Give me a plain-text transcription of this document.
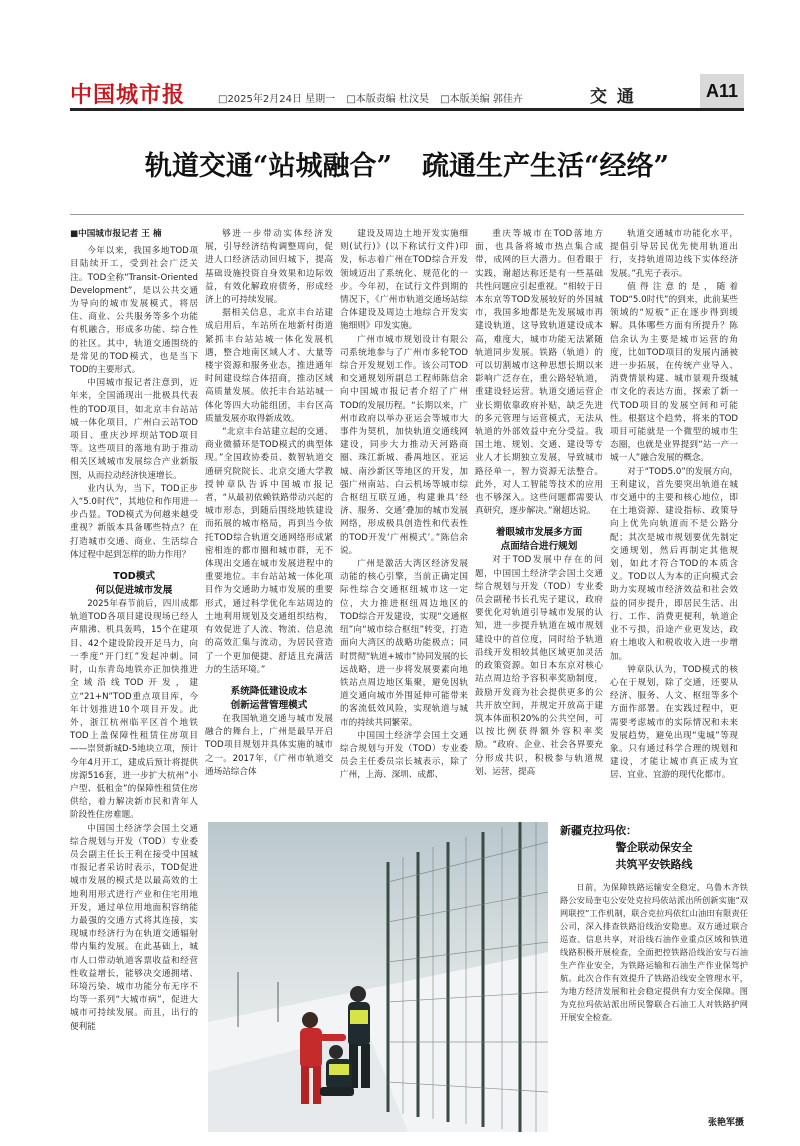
中国城市报	□2025年2月24日 星期一 □本版责编 杜汶昊 □本版美编 郭佳卉	交 通	A11
轨道交通“站城融合” 疏通生产生活“经络”

■中国城市报记者 王 楠

今年以来，我国多地TOD项目陆续开工，受到社会广泛关注。TOD全称“Transit-Oriented Development”，是以公共交通为导向的城市发展模式，将居住、商业、公共服务等多个功能有机融合，形成多功能、综合性的社区。其中，轨道交通围绕的是常见的TOD模式，也是当下TOD的主要形式。

中国城市报记者注意到，近年来，全国涌现出一批极具代表性的TOD项目，如北京丰台站站城一体化项目，广州白云站TOD项目、重庆沙坪坝站TOD项目等。这些项目的落地有助于推动相关区域城市发展综合产业新版图，从而拉动经济快速增长。

业内认为，当下，TOD正步入“5.0时代”，其地位和作用进一步凸显。TOD模式为何越来越受重视？新版本具备哪些特点？在打造城市交通、商业、生活综合体过程中起到怎样的助力作用？

TOD模式
何以促进城市发展

2025年春节前后，四川成都轨道TOD各项目建设现场已经人声鼎沸、机具轰鸣，15个在建项目、42个建设阶段开足马力，向一季度“开门红”发起冲刺。同时，山东青岛地铁亦正加快推进全域沿线TOD开发，建立“21+N”TOD重点项目库，今年计划推进10个项目开发。此外，浙江杭州临平区首个地铁TOD上盖保障性租赁住房项目——崇贤新城D-5地块立项，预计今年4月开工，建成后预计将提供房源516套，进一步扩大杭州“小户型、低租金”的保障性租赁住房供给，着力解决新市民和青年人阶段性住房难题。

中国国土经济学会国土交通综合规划与开发（TOD）专业委员会副主任长王利在接受中国城市报记者采访时表示，TOD促进城市发展的模式是以最高效的土地利用形式进行产业和住宅用地开发，通过单位用地面积容纳能力最强的交通方式将其连接，实现城市经济行为在轨道交通辐射带内集约发展。在此基础上，城市人口带动轨道客票收益和经营性收益增长，能够决交通拥堵、环境污染、城市功能分布无序不均等一系列“大城市病”，促进大城市可持续发展。而且，出行的便利能

够进一步带动实体经济发展，引导经济结构调整周向，促进人口经济活动回归城下，提高基础设施投资自身效果和边际效益，有效化解政府债务，形成经济上的可持续发展。

据相关信息，北京丰台站建成启用后，车站所在地新村街道紧抓丰台站站城一体化发展机遇，整合地南区域人才、大量等楼宇资源和服务业态，推进通年时间建设综合体招商，推动区域高质量发展。依托丰台站站城一体化等四大功能组团，丰台区高质量发展亦取得新成效。

“北京丰台站建立起的交通、商业微循环是TOD模式的典型体现。”全国政协委员、数智轨道交通研究院院长、北京交通大学教授钟章队告诉中国城市报记者，“从最初依赖铁路带动兴起的城市形态，到随后围绕地铁建设而拓展的城市格局，再到当今依托TOD综合轨道交通网络形成紧密相连的都市圈和城市群，无不体现出交通在城市发展进程中的重要地位。丰台站站城一体化项目作为交通助力城市发展的重要形式，通过科学优化车站周边的土地利用规划及交通组织结构，有效促进了人流、物流、信息流的高效汇集与流动，为居民营造了一个更加便捷、舒适且充满活力的生活环境。”

系统降低建设成本
创新运营管理模式

在我国轨道交通与城市发展融合的舞台上，广州是最早开启TOD项目规划并具体实施的城市之一。2017年，《广州市轨道交通场站综合体

建设及周边土地开发实施细则(试行)》(以下称试行文件)印发，标志着广州在TOD综合开发领域迈出了系统化、规范化的一步。今年初，在试行文件到期的情况下，《广州市轨道交通场站综合体建设及周边土地综合开发实施细则》印发实施。

广州市城市规划设计有限公司系统地参与了广州市多轮TOD综合开发规划工作。该公司TOD和交通规划所副总工程师陈信余向中国城市报记者介绍了广州TOD的发展历程。“长期以来，广州市政府以举办亚运会等城市大事件为契机，加快轨道交通线网建设，同步大力推动天河路商圈、珠江新城、番禺地区、亚运城、南沙新区等地区的开发，加强广州南站、白云机场等城市综合枢纽互联互通，构建兼具‘经济、服务、交通’叠加的城市发展网络，形成极具创造性和代表性的TOD开发‘广州模式’。”陈信余说。

广州是激活大湾区经济发展动能的核心引擎，当前正确定国际性综合交通枢纽城市这一定位，大力推进枢纽周边地区的TOD综合开发建设，实现“交通枢纽”向“城市综合枢纽”转变，打造面向大湾区的战略功能极点；同时贯彻“轨道+城市”协同发展的长远战略，进一步将发展要素向地铁站点周边地区集聚，避免因轨道交通向城市外围延伸可能带来的客流低效风险，实现轨道与城市的持续共同繁荣。

中国国土经济学会国土交通综合规划与开发（TOD）专业委员会主任委员宗长城表示，除了广州，上海、深圳、成都、

重庆等城市在TOD落地方面，也具备将城市热点集合成带，成网的巨大潜力。但看眼于实践，谢超达称还是有一些基础共性问题应引起重视。“相较于日本东京等TOD发展较好的外国城市，我国多地都是先发展城市再建设轨道，这导致轨道建设成本高，难度大，城市功能无法紧随轨道同步发展。铁路（轨道）的可以切割城市这种思想长期以来影响广泛存在，重公路轻轨道，重建设轻运营。轨道交通运营企业长期依靠政府补贴，缺乏先进的多元管理与运营模式，无法从轨道的外部效益中充分受益。我国土地、规划、交通、建设等专业人才长期独立发展，导致城市路径单一，智力资源无法整合。此外，对人工智能等技术的应用也不够深入。这些问题都需要认真研究，逐步解决。”谢超达说。

着眼城市发展多方面
点面结合进行规划

对于TOD发展中存在的问题，中国国土经济学会国土交通综合规划与开发（TOD）专业委员会副秘书长孔宪子建议，政府要优化对轨道引导城市发展的认知，进一步提升轨道在城市规划建设中的首位度，同时给予轨道沿线开发相较其他区域更加灵活的政策资源。如日本东京对核心站点周边给予容积率奖励制度，鼓励开发商为社会提供更多的公共开放空间，并规定开放高于建筑本体面积20%的公共空间，可以按比例获得额外容积率奖励。“政府、企业、社会各界要充分形成共识，积极参与轨道规划、运营，提高

轨道交通城市功能化水平，提倡引导居民优先使用轨道出行，支持轨道周边线下实体经济发展。”孔宪子表示。

值得注意的是，随着TOD“5.0时代”的到来，此前某些领域的“短板”正在逐步得到缓解。具体哪些方面有所提升？陈信余认为主要是城市运营的角度，比如TOD项目的发展内涵被进一步拓展，在传统产业导入、消费情景构建、城市景观升级城市文化的表达方面，探索了新一代TOD项目的发展空间和可能性。根据这个趋势，将来的TOD项目可能就是一个微型的城市生态圈，也就是业界提到“站一产一城一人”融合发展的概念。

对于“TOD5.0”的发展方向，王利建议，首先要突出轨道在城市交通中的主要和核心地位，即在土地资源、建设指标、政策导向上优先向轨道而不是公路分配；其次是城市规划要优先制定交通规划，然后再制定其他规划，如此才符合TOD的本质含义。TOD以人为本的正向模式会助力实现城市经济效益和社会效益的同步提升，即居民生活、出行、工作、消费更便利，轨道企业不亏损，沿途产业更发达，政府土地收入和税收收入进一步增加。

钟章队认为，TOD模式的核心在于规划，除了交通，还要从经济、服务、人文、枢纽等多个方面作部署。在实践过程中，更需要考虑城市的实际情况和未来发展趋势，避免出现“鬼城”等现象。只有通过科学合理的规划和建设，才能让城市真正成为宜居、宜业、宜游的现代化都市。

新疆克拉玛依：
警企联动保安全
共筑平安铁路线

日前，为保障铁路运输安全稳定，乌鲁木齐铁路公安局奎屯公安处克拉玛依站派出所创新实施“双网联控”工作机制，联合克拉玛依红山油田有限责任公司，深入排查铁路沿线治安隐患。双方通过联合巡查、信息共享，对沿线石油作业重点区域和铁道线路积极开展检查，全面把控铁路沿线治安与石油生产作业安全，为铁路运输和石油生产作业保驾护航。此次合作有效提升了铁路沿线安全管理水平，为地方经济发展和社会稳定提供有力安全保障。图为克拉玛依站派出所民警联合石油工人对铁路护网开展安全检查。

张艳军摄
